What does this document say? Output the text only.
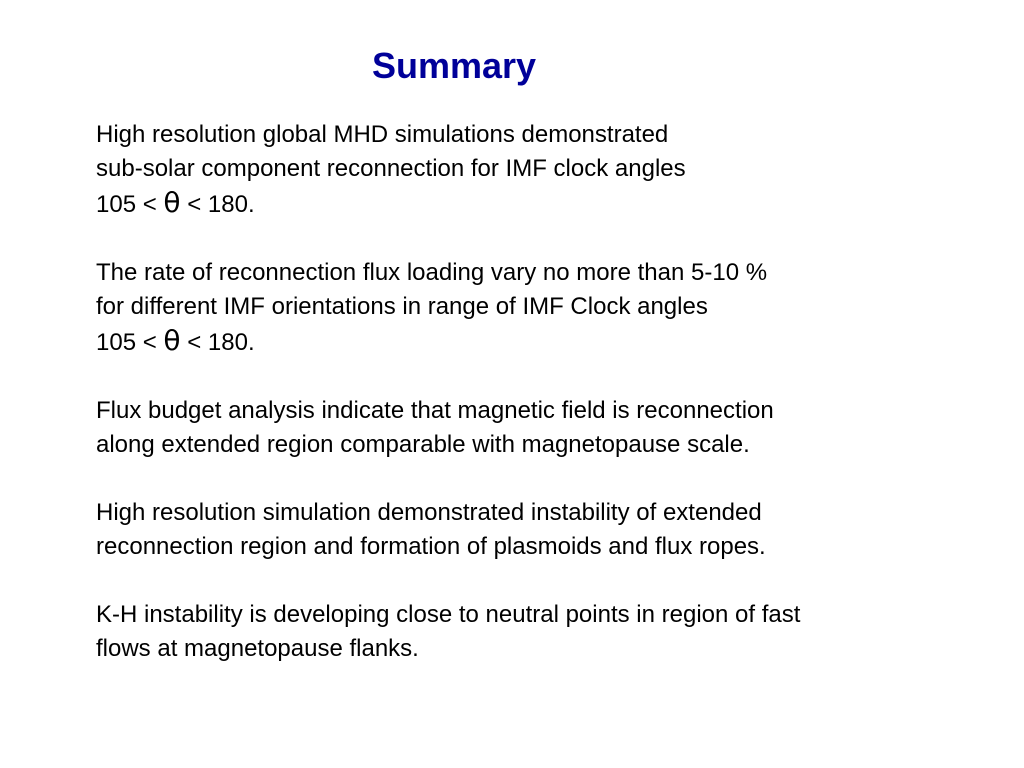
Summary

High resolution global MHD simulations demonstrated
sub-solar component reconnection for IMF clock angles
105 < θ < 180.

The rate of reconnection flux loading vary no more than 5-10 %
for different IMF orientations in range of IMF Clock angles
105 < θ < 180.

Flux budget analysis indicate that magnetic field is reconnection
along extended region comparable with magnetopause scale.

High resolution simulation demonstrated instability of extended
reconnection region and formation of plasmoids and flux ropes.

K-H instability is developing close to neutral points in region of fast
flows at magnetopause flanks.
